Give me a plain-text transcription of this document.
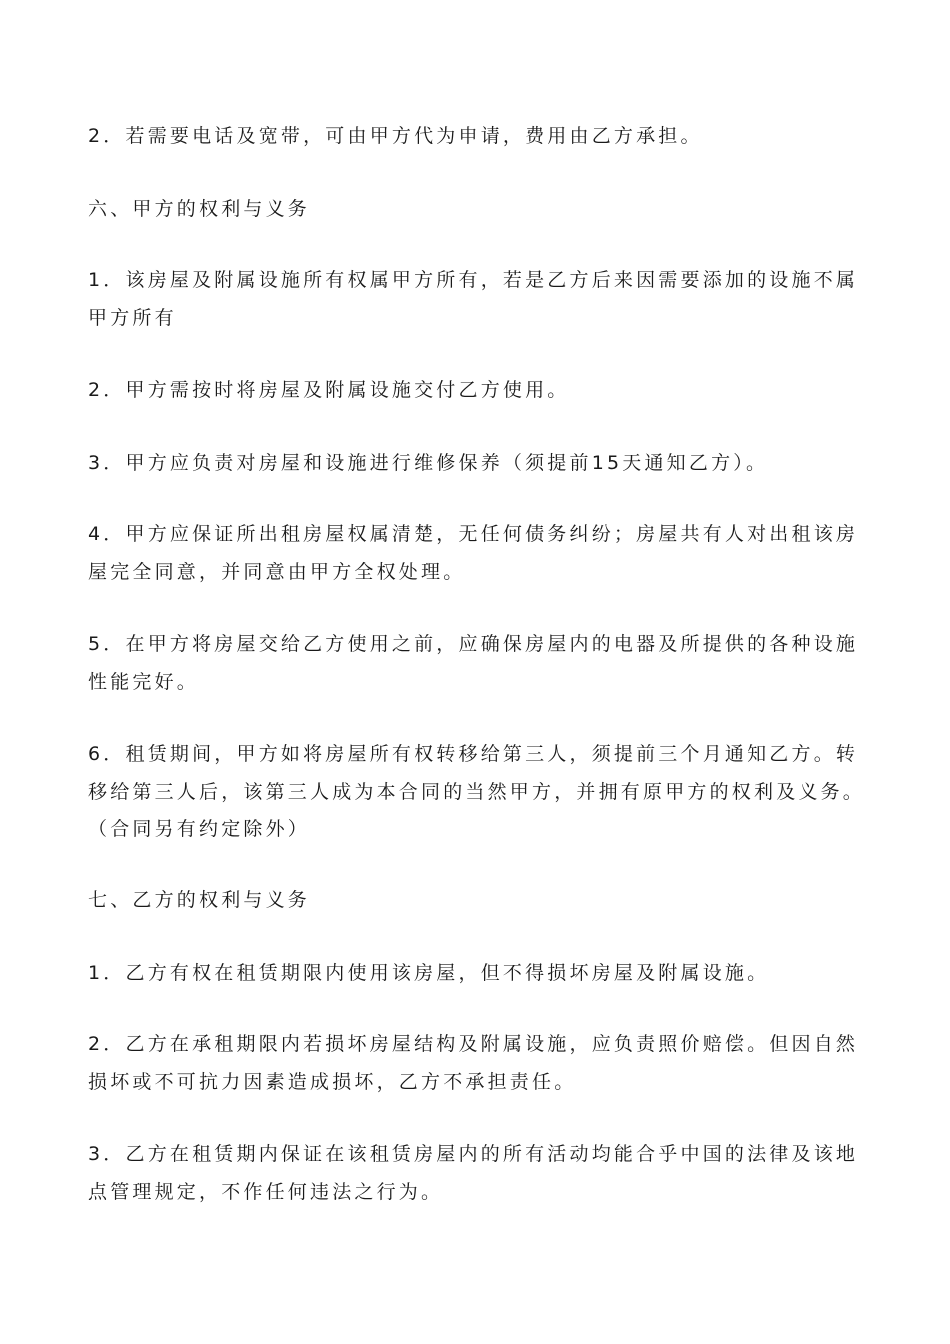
2．若需要电话及宽带，可由甲方代为申请，费用由乙方承担。

六、甲方的权利与义务

1．该房屋及附属设施所有权属甲方所有，若是乙方后来因需要添加的设施不属

甲方所有

2．甲方需按时将房屋及附属设施交付乙方使用。

3．甲方应负责对房屋和设施进行维修保养（须提前15天通知乙方）。

4．甲方应保证所出租房屋权属清楚，无任何债务纠纷；房屋共有人对出租该房

屋完全同意，并同意由甲方全权处理。

5．在甲方将房屋交给乙方使用之前，应确保房屋内的电器及所提供的各种设施

性能完好。

6．租赁期间，甲方如将房屋所有权转移给第三人，须提前三个月通知乙方。转

移给第三人后，该第三人成为本合同的当然甲方，并拥有原甲方的权利及义务。

（合同另有约定除外）

七、乙方的权利与义务

1．乙方有权在租赁期限内使用该房屋，但不得损坏房屋及附属设施。

2．乙方在承租期限内若损坏房屋结构及附属设施，应负责照价赔偿。但因自然

损坏或不可抗力因素造成损坏，乙方不承担责任。

3．乙方在租赁期内保证在该租赁房屋内的所有活动均能合乎中国的法律及该地

点管理规定，不作任何违法之行为。
